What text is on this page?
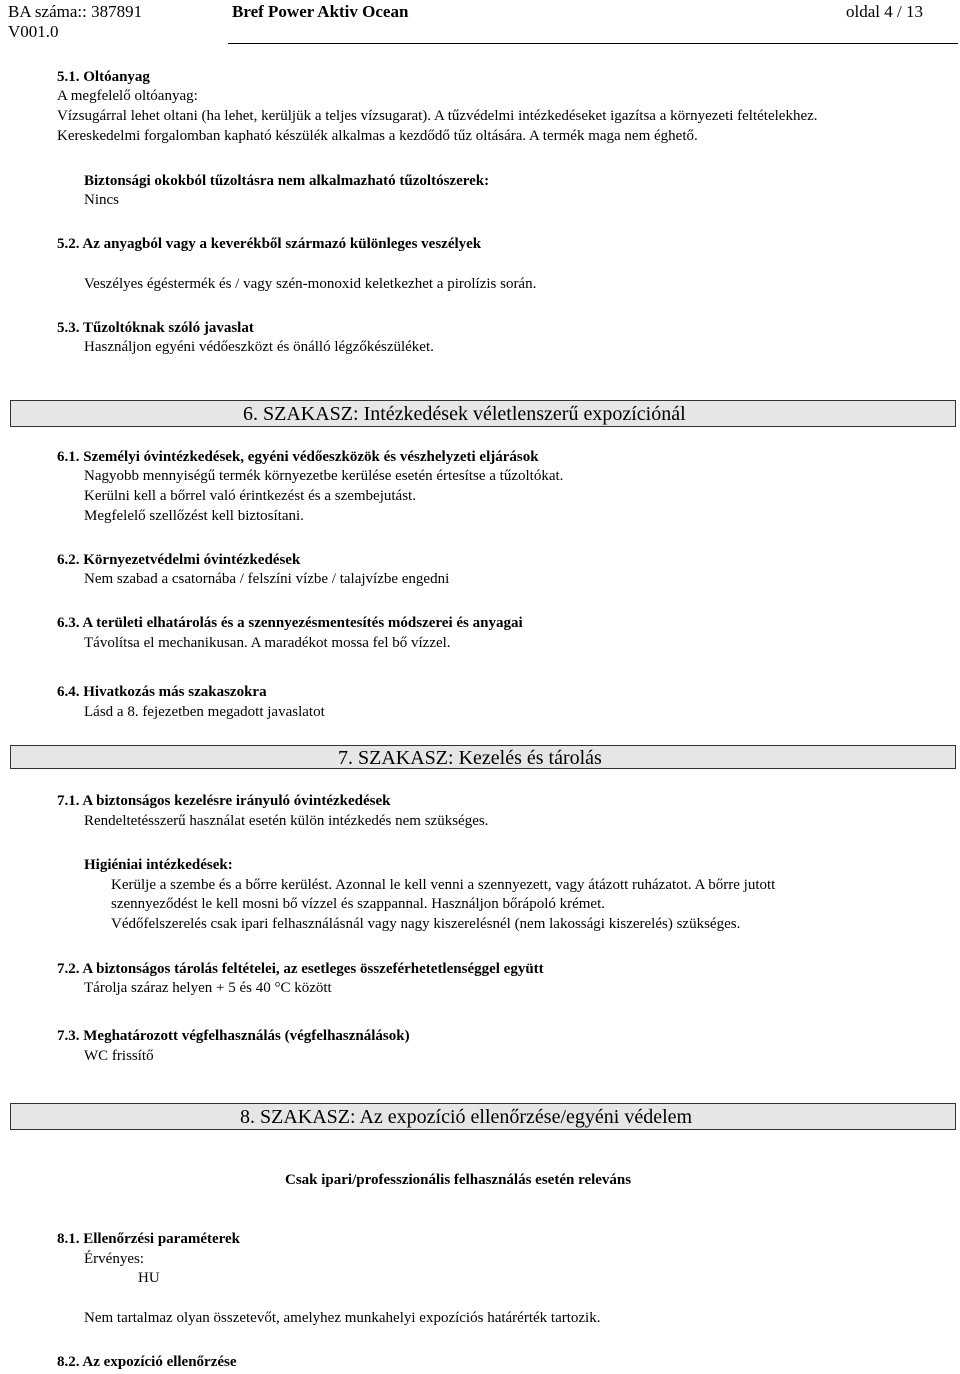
BA száma:: 387891
V001.0
Bref Power Aktiv Ocean	oldal 4 / 13
5.1. Oltóanyag
A megfelelő oltóanyag:
Vízsugárral lehet oltani (ha lehet, kerüljük a teljes vízsugarat). A tűzvédelmi intézkedéseket igazítsa a környezeti feltételekhez.
Kereskedelmi forgalomban kapható készülék alkalmas a kezdődő tűz oltására. A termék maga nem éghető.
Biztonsági okokból tűzoltásra nem alkalmazható tűzoltószerek:
Nincs
5.2. Az anyagból vagy a keverékből származó különleges veszélyek
Veszélyes égéstermék és / vagy szén-monoxid keletkezhet a pirolízis során.
5.3. Tűzoltóknak szóló javaslat
Használjon egyéni védőeszközt és önálló légzőkészüléket.
6. SZAKASZ: Intézkedések véletlenszerű expozíciónál
6.1. Személyi óvintézkedések, egyéni védőeszközök és vészhelyzeti eljárások
Nagyobb mennyiségű termék környezetbe kerülése esetén értesítse a tűzoltókat.
Kerülni kell a bőrrel való érintkezést és a szembejutást.
Megfelelő szellőzést kell biztosítani.
6.2. Környezetvédelmi óvintézkedések
Nem szabad a csatornába / felszíni vízbe / talajvízbe engedni
6.3. A területi elhatárolás és a szennyezésmentesítés módszerei és anyagai
Távolítsa el mechanikusan. A maradékot mossa fel bő vízzel.
6.4. Hivatkozás más szakaszokra
Lásd a 8. fejezetben megadott javaslatot
7. SZAKASZ: Kezelés és tárolás
7.1. A biztonságos kezelésre irányuló óvintézkedések
Rendeltetésszerű használat esetén külön intézkedés nem szükséges.
Higiéniai intézkedések:
Kerülje a szembe és a bőrre kerülést. Azonnal le kell venni a szennyezett, vagy átázott ruházatot. A bőrre jutott
szennyeződést le kell mosni bő vízzel és szappannal. Használjon bőrápoló krémet.
Védőfelszerelés csak ipari felhasználásnál vagy nagy kiszerelésnél (nem lakossági kiszerelés) szükséges.
7.2. A biztonságos tárolás feltételei, az esetleges összeférhetetlenséggel együtt
Tárolja száraz helyen + 5 és 40 °C között
7.3. Meghatározott végfelhasználás (végfelhasználások)
WC frissítő
8. SZAKASZ: Az expozíció ellenőrzése/egyéni védelem
Csak ipari/professzionális felhasználás esetén releváns
8.1. Ellenőrzési paraméterek
Érvényes:
HU
Nem tartalmaz olyan összetevőt, amelyhez munkahelyi expozíciós határérték tartozik.
8.2. Az expozíció ellenőrzése
